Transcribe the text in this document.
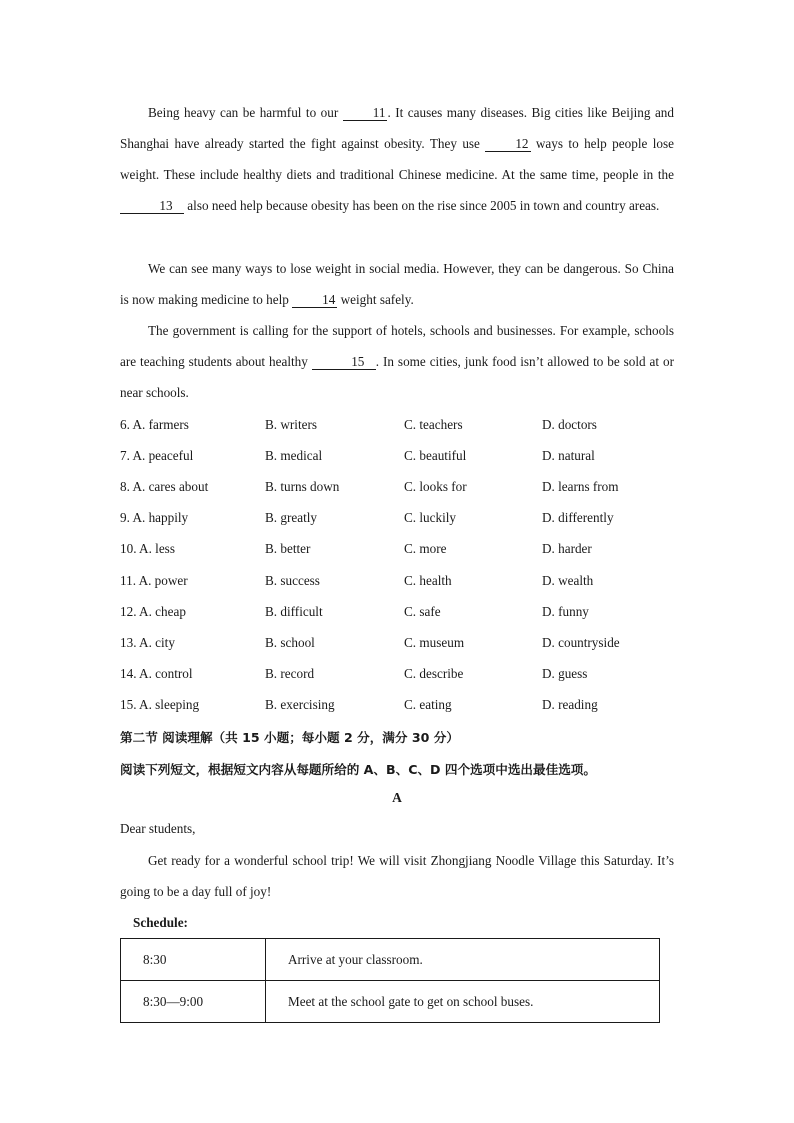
Being heavy can be harmful to our 11 . It causes many diseases. Big cities like Beijing and Shanghai have already started the fight against obesity. They use 12 ways to help people lose weight. These include healthy diets and traditional Chinese medicine. At the same time, people in the 13 also need help because obesity has been on the rise since 2005 in town and country areas.
We can see many ways to lose weight in social media. However, they can be dangerous. So China is now making medicine to help 14 weight safely.
The government is calling for the support of hotels, schools and businesses. For example, schools are teaching students about healthy	15 . In some cities, junk food isn’t allowed to be sold at or near schools.
6. A. farmers	B. writers	C. teachers	D. doctors
7. A. peaceful	B. medical	C. beautiful	D. natural
8. A. cares about	B. turns down	C. looks for	D. learns from
9. A. happily	B. greatly	C. luckily	D. differently
10. A. less	B. better	C. more	D. harder
11. A. power	B. success	C. health	D. wealth
12. A. cheap	B. difficult	C. safe	D. funny
13. A. city	B. school	C. museum	D. countryside
14. A. control	B. record	C. describe	D. guess
15. A. sleeping	B. exercising	C. eating	D. reading
第二节 阅读理解（共 15 小题；每小题 2 分，满分 30 分）
阅读下列短文，根据短文内容从每题所给的 A、B、C、D 四个选项中选出最佳选项。
A
Dear students,
Get ready for a wonderful school trip! We will visit Zhongjiang Noodle Village this Saturday. It’s going to be a day full of joy!
Schedule:
8:30	Arrive at your classroom.
8:30—9:00	Meet at the school gate to get on school buses.
